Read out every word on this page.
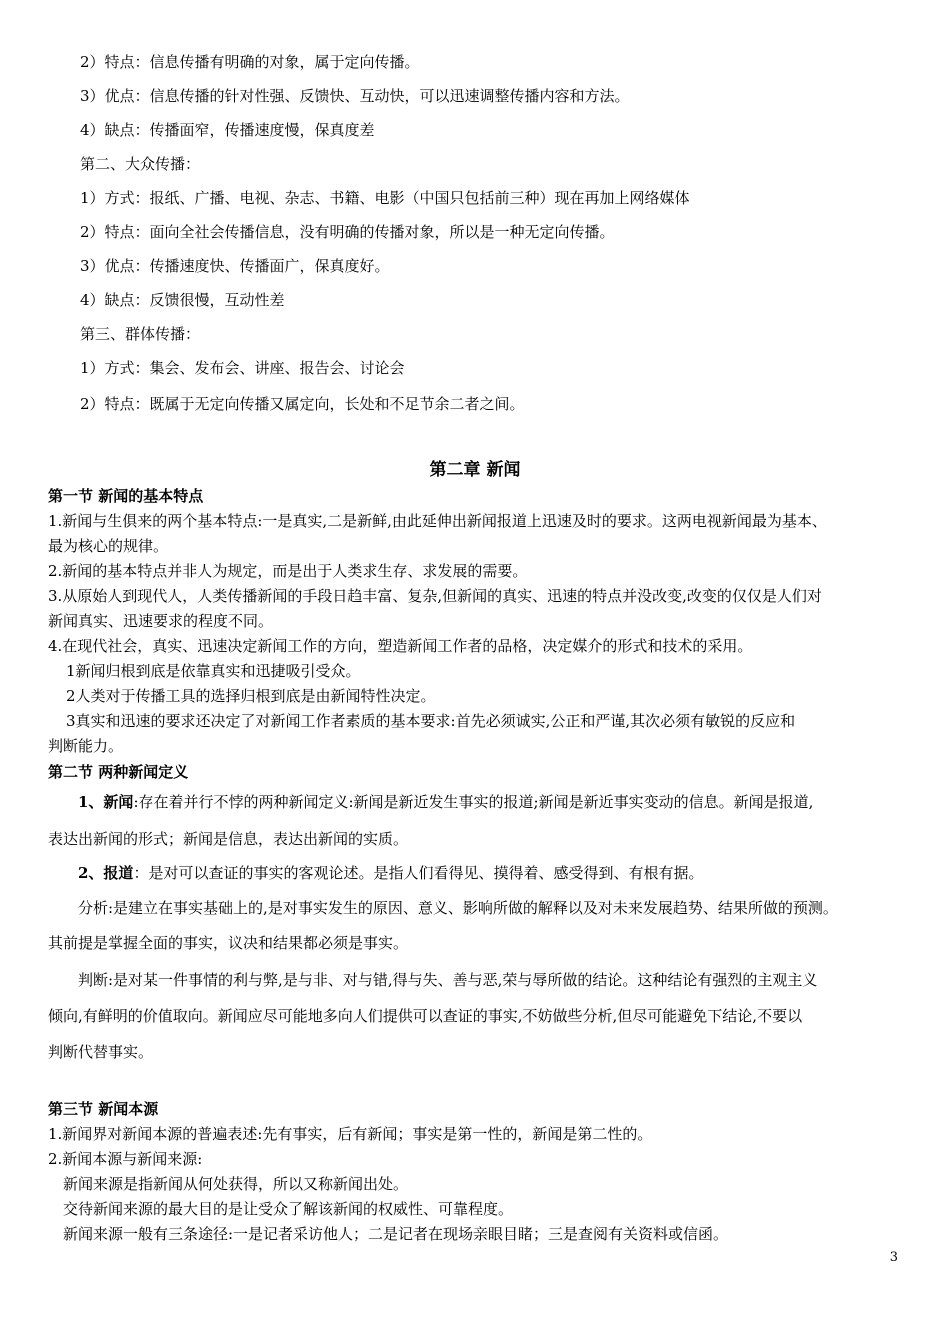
2）特点：信息传播有明确的对象，属于定向传播。
3）优点：信息传播的针对性强、反馈快、互动快，可以迅速调整传播内容和方法。
4）缺点：传播面窄，传播速度慢，保真度差
第二、大众传播：
1）方式：报纸、广播、电视、杂志、书籍、电影（中国只包括前三种）现在再加上网络媒体
2）特点：面向全社会传播信息，没有明确的传播对象，所以是一种无定向传播。
3）优点：传播速度快、传播面广，保真度好。
4）缺点：反馈很慢，互动性差
第三、群体传播：
1）方式：集会、发布会、讲座、报告会、讨论会
2）特点：既属于无定向传播又属定向，长处和不足节余二者之间。
第二章 新闻
第一节 新闻的基本特点
1.新闻与生俱来的两个基本特点:一是真实,二是新鲜,由此延伸出新闻报道上迅速及时的要求。这两电视新闻最为基本、
最为核心的规律。
2.新闻的基本特点并非人为规定，而是出于人类求生存、求发展的需要。
3.从原始人到现代人，人类传播新闻的手段日趋丰富、复杂,但新闻的真实、迅速的特点并没改变,改变的仅仅是人们对
新闻真实、迅速要求的程度不同。
4.在现代社会，真实、迅速决定新闻工作的方向，塑造新闻工作者的品格，决定媒介的形式和技术的采用。
1新闻归根到底是依靠真实和迅捷吸引受众。
2人类对于传播工具的选择归根到底是由新闻特性决定。
3真实和迅速的要求还决定了对新闻工作者素质的基本要求:首先必须诚实,公正和严谨,其次必须有敏锐的反应和
判断能力。
第二节 两种新闻定义
1、新闻:存在着并行不悖的两种新闻定义:新闻是新近发生事实的报道;新闻是新近事实变动的信息。新闻是报道,
表达出新闻的形式；新闻是信息，表达出新闻的实质。
2、报道：是对可以查证的事实的客观论述。是指人们看得见、摸得着、感受得到、有根有据。
分析:是建立在事实基础上的,是对事实发生的原因、意义、影响所做的解释以及对未来发展趋势、结果所做的预测。
其前提是掌握全面的事实，议决和结果都必须是事实。
判断:是对某一件事情的利与弊,是与非、对与错,得与失、善与恶,荣与辱所做的结论。这种结论有强烈的主观主义
倾向,有鲜明的价值取向。新闻应尽可能地多向人们提供可以查证的事实,不妨做些分析,但尽可能避免下结论,不要以
判断代替事实。
第三节 新闻本源
1.新闻界对新闻本源的普遍表述:先有事实，后有新闻；事实是第一性的，新闻是第二性的。
2.新闻本源与新闻来源:
新闻来源是指新闻从何处获得，所以又称新闻出处。
交待新闻来源的最大目的是让受众了解该新闻的权威性、可靠程度。
新闻来源一般有三条途径:一是记者采访他人；二是记者在现场亲眼目睹；三是查阅有关资料或信函。
3
